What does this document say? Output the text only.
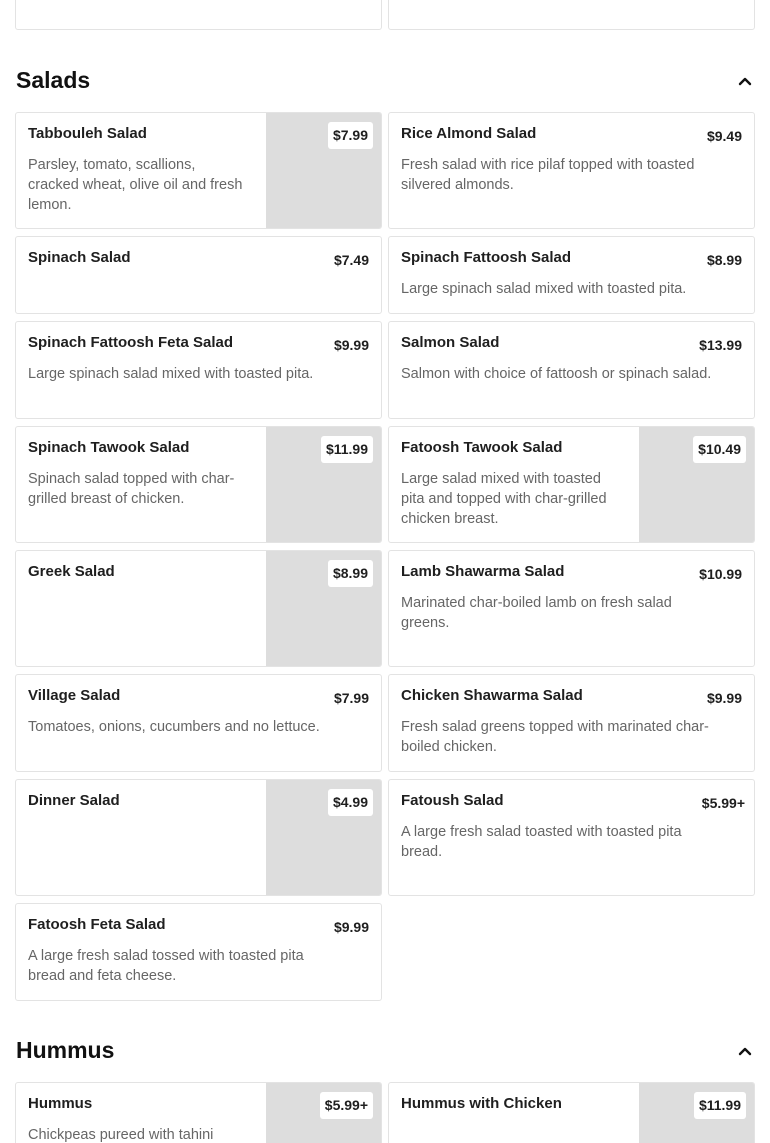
Salads
Tabbouleh Salad
Parsley, tomato, scallions, cracked wheat, olive oil and fresh lemon.
$7.99	Rice Almond Salad
Fresh salad with rice pilaf topped with toasted silvered almonds.
$9.49
Spinach Salad	$7.49 Spinach Fattoosh Salad
Large spinach salad mixed with toasted pita.
$8.99
Spinach Fattoosh Feta Salad
Large spinach salad mixed with toasted pita.
$9.99 Salmon Salad
Salmon with choice of fattoosh or spinach salad.
$13.99
Spinach Tawook Salad
Spinach salad topped with char-grilled breast of chicken.
$11.99	Fatoosh Tawook Salad
Large salad mixed with toasted pita and topped with char-grilled chicken breast.
$10.49
Greek Salad	$8.99	Lamb Shawarma Salad
Marinated char-boiled lamb on fresh salad greens.
$10.99
Village Salad
Tomatoes, onions, cucumbers and no lettuce.
$7.99 Chicken Shawarma Salad
Fresh salad greens topped with marinated char-boiled chicken.
$9.99
Dinner Salad	$4.99	Fatoush Salad
A large fresh salad toasted with toasted pita bread.
$5.99+
Fatoosh Feta Salad
A large fresh salad tossed with toasted pita bread and feta cheese.
$9.99
Hummus
Hummus
Chickpeas pureed with tahini
$5.99+	Hummus with Chicken	$11.99
